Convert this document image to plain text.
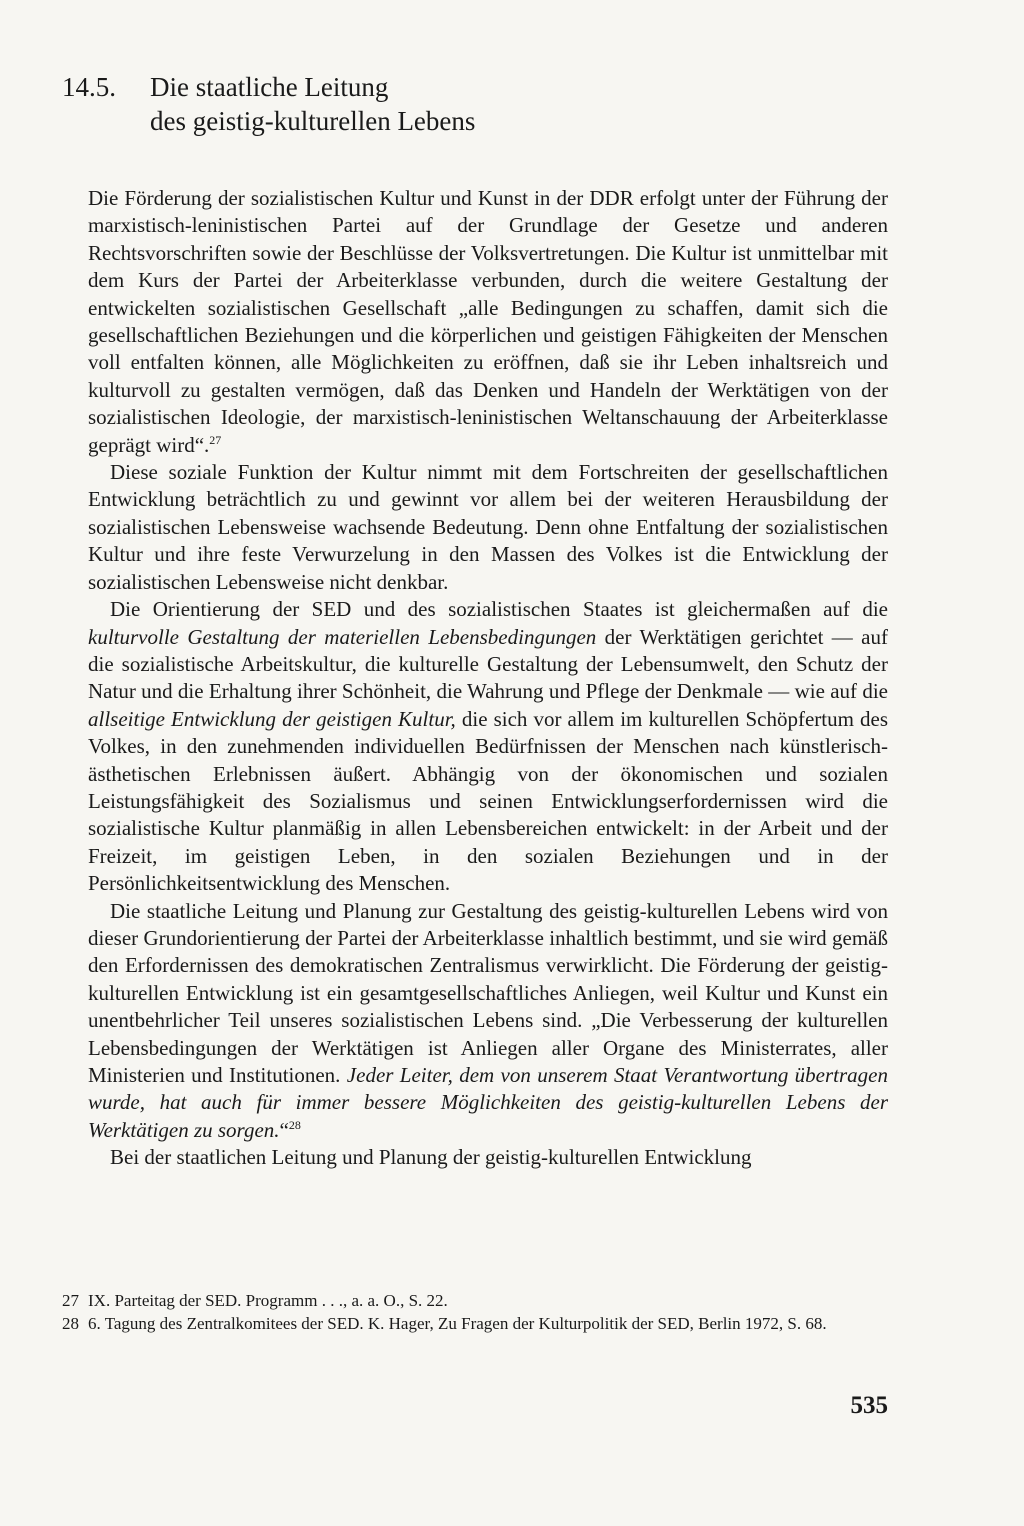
14.5.	Die staatliche Leitung
des geistig-kulturellen Lebens

Die Förderung der sozialistischen Kultur und Kunst in der DDR erfolgt unter der Führung der marxistisch-leninistischen Partei auf der Grundlage der Gesetze und anderen Rechtsvorschriften sowie der Beschlüsse der Volksvertretungen. Die Kultur ist unmittelbar mit dem Kurs der Partei der Arbeiterklasse verbunden, durch die weitere Gestaltung der entwickelten sozialistischen Gesellschaft „alle Bedingungen zu schaffen, damit sich die gesellschaftlichen Beziehungen und die körperlichen und geistigen Fähigkeiten der Menschen voll entfalten können, alle Möglichkeiten zu eröffnen, daß sie ihr Leben inhaltsreich und kulturvoll zu gestalten vermögen, daß das Denken und Handeln der Werktätigen von der sozialistischen Ideologie, der marxistisch-leninistischen Weltanschauung der Arbeiterklasse geprägt wird“.$^{27}$

Diese soziale Funktion der Kultur nimmt mit dem Fortschreiten der gesellschaftlichen Entwicklung beträchtlich zu und gewinnt vor allem bei der weiteren Herausbildung der sozialistischen Lebensweise wachsende Bedeutung. Denn ohne Entfaltung der sozialistischen Kultur und ihre feste Verwurzelung in den Massen des Volkes ist die Entwicklung der sozialistischen Lebensweise nicht denkbar.

Die Orientierung der SED und des sozialistischen Staates ist gleichermaßen auf die kulturvolle Gestaltung der materiellen Lebensbedingungen der Werktätigen gerichtet — auf die sozialistische Arbeitskultur, die kulturelle Gestaltung der Lebensumwelt, den Schutz der Natur und die Erhaltung ihrer Schönheit, die Wahrung und Pflege der Denkmale — wie auf die allseitige Entwicklung der geistigen Kultur, die sich vor allem im kulturellen Schöpfertum des Volkes, in den zunehmenden individuellen Bedürfnissen der Menschen nach künstlerisch-ästhetischen Erlebnissen äußert. Abhängig von der ökonomischen und sozialen Leistungsfähigkeit des Sozialismus und seinen Entwicklungserfordernissen wird die sozialistische Kultur planmäßig in allen Lebensbereichen entwickelt: in der Arbeit und der Freizeit, im geistigen Leben, in den sozialen Beziehungen und in der Persönlichkeitsentwicklung des Menschen.

Die staatliche Leitung und Planung zur Gestaltung des geistig-kulturellen Lebens wird von dieser Grundorientierung der Partei der Arbeiterklasse inhaltlich bestimmt, und sie wird gemäß den Erfordernissen des demokratischen Zentralismus verwirklicht. Die Förderung der geistig-kulturellen Entwicklung ist ein gesamtgesellschaftliches Anliegen, weil Kultur und Kunst ein unentbehrlicher Teil unseres sozialistischen Lebens sind. „Die Verbesserung der kulturellen Lebensbedingungen der Werktätigen ist Anliegen aller Organe des Ministerrates, aller Ministerien und Institutionen. Jeder Leiter, dem von unserem Staat Verantwortung übertragen wurde, hat auch für immer bessere Möglichkeiten des geistig-kulturellen Lebens der Werktätigen zu sorgen.“$^{28}$

Bei der staatlichen Leitung und Planung der geistig-kulturellen Entwicklung

27 IX. Parteitag der SED. Programm . . ., a. a. O., S. 22.
28 6. Tagung des Zentralkomitees der SED. K. Hager, Zu Fragen der Kulturpolitik der SED, Berlin 1972, S. 68.
535
